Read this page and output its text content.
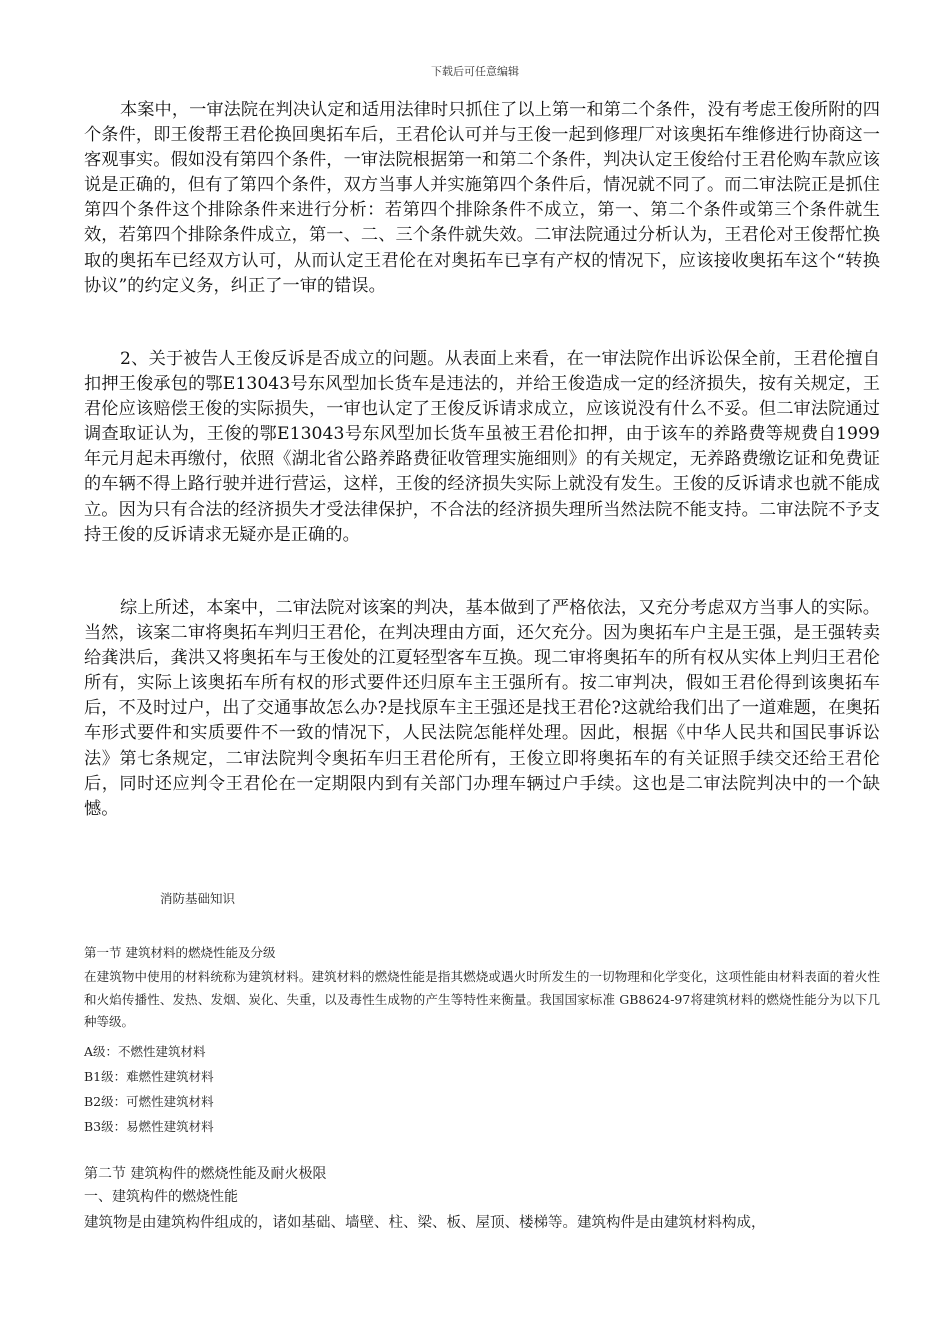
下载后可任意编辑

本案中，一审法院在判决认定和适用法律时只抓住了以上第一和第二个条件，没有考虑王俊所附的四个条件，即王俊帮王君伦换回奥拓车后，王君伦认可并与王俊一起到修理厂对该奥拓车维修进行协商这一客观事实。假如没有第四个条件，一审法院根据第一和第二个条件，判决认定王俊给付王君伦购车款应该说是正确的，但有了第四个条件，双方当事人并实施第四个条件后，情况就不同了。而二审法院正是抓住第四个条件这个排除条件来进行分析：若第四个排除条件不成立，第一、第二个条件或第三个条件就生效，若第四个排除条件成立，第一、二、三个条件就失效。二审法院通过分析认为，王君伦对王俊帮忙换取的奥拓车已经双方认可，从而认定王君伦在对奥拓车已享有产权的情况下，应该接收奥拓车这个“转换协议”的约定义务，纠正了一审的错误。

2、关于被告人王俊反诉是否成立的问题。从表面上来看，在一审法院作出诉讼保全前，王君伦擅自扣押王俊承包的鄂E13043号东风型加长货车是违法的，并给王俊造成一定的经济损失，按有关规定，王君伦应该赔偿王俊的实际损失，一审也认定了王俊反诉请求成立，应该说没有什么不妥。但二审法院通过调查取证认为，王俊的鄂E13043号东风型加长货车虽被王君伦扣押，由于该车的养路费等规费自1999年元月起未再缴付，依照《湖北省公路养路费征收管理实施细则》的有关规定，无养路费缴讫证和免费证的车辆不得上路行驶并进行营运，这样，王俊的经济损失实际上就没有发生。王俊的反诉请求也就不能成立。因为只有合法的经济损失才受法律保护，不合法的经济损失理所当然法院不能支持。二审法院不予支持王俊的反诉请求无疑亦是正确的。

综上所述，本案中，二审法院对该案的判决，基本做到了严格依法，又充分考虑双方当事人的实际。当然，该案二审将奥拓车判归王君伦，在判决理由方面，还欠充分。因为奥拓车户主是王强，是王强转卖给龚洪后，龚洪又将奥拓车与王俊处的江夏轻型客车互换。现二审将奥拓车的所有权从实体上判归王君伦所有，实际上该奥拓车所有权的形式要件还归原车主王强所有。按二审判决，假如王君伦得到该奥拓车后，不及时过户，出了交通事故怎么办?是找原车主王强还是找王君伦?这就给我们出了一道难题，在奥拓车形式要件和实质要件不一致的情况下，人民法院怎能样处理。因此，根据《中华人民共和国民事诉讼法》第七条规定，二审法院判令奥拓车归王君伦所有，王俊立即将奥拓车的有关证照手续交还给王君伦后，同时还应判令王君伦在一定期限内到有关部门办理车辆过户手续。这也是二审法院判决中的一个缺憾。

消防基础知识

第一节 建筑材料的燃烧性能及分级

在建筑物中使用的材料统称为建筑材料。建筑材料的燃烧性能是指其燃烧或遇火时所发生的一切物理和化学变化，这项性能由材料表面的着火性和火焰传播性、发热、发烟、炭化、失重，以及毒性生成物的产生等特性来衡量。我国国家标准 GB8624-97将建筑材料的燃烧性能分为以下几种等级。

A级：不燃性建筑材料
B1级：难燃性建筑材料
B2级：可燃性建筑材料
B3级：易燃性建筑材料

第二节 建筑构件的燃烧性能及耐火极限

一、建筑构件的燃烧性能

建筑物是由建筑构件组成的，诸如基础、墙壁、柱、梁、板、屋顶、楼梯等。建筑构件是由建筑材料构成，
